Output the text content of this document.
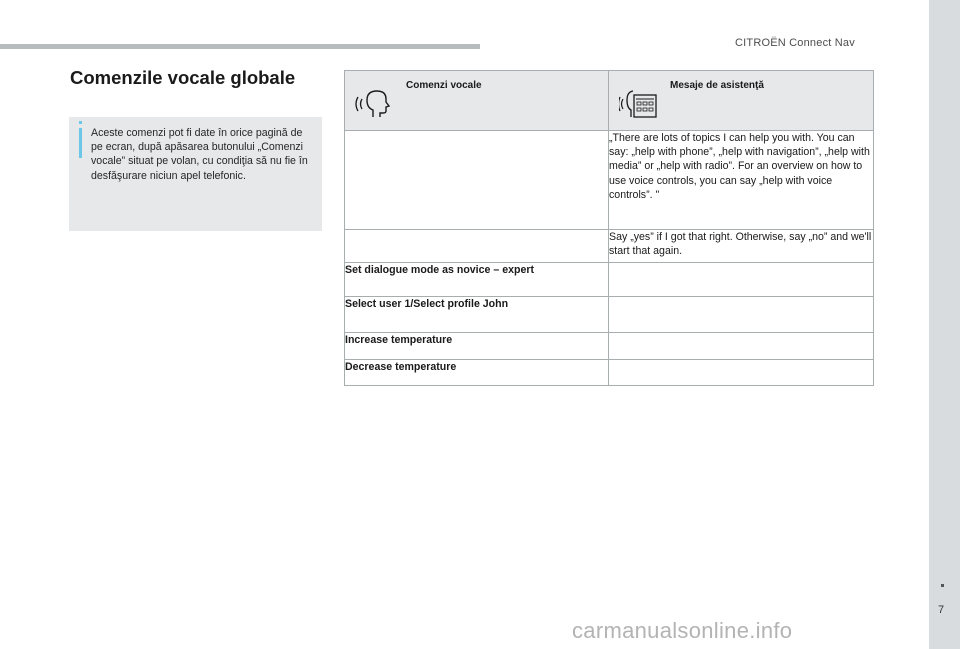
CITROËN Connect Nav
Comenzile vocale globale
Aceste comenzi pot fi date în orice pagină de pe ecran, după apăsarea butonului „Comenzi vocale” situat pe volan, cu condiţia să nu fie în desfăşurare niciun apel telefonic.
Comenzi vocale	Mesaje de asistenţă

	„There are lots of topics I can help you with. You can say: „help with phone”, „help with navigation”, „help with media” or „help with radio”. For an overview on how to use voice controls, you can say „help with voice controls”. "
	Say „yes” if I got that right. Otherwise, say „no” and we'll start that again.
Set dialogue mode as novice – expert	
Select user 1/Select profile John	
Increase temperature	
Decrease temperature	
7
carmanualsonline.info
